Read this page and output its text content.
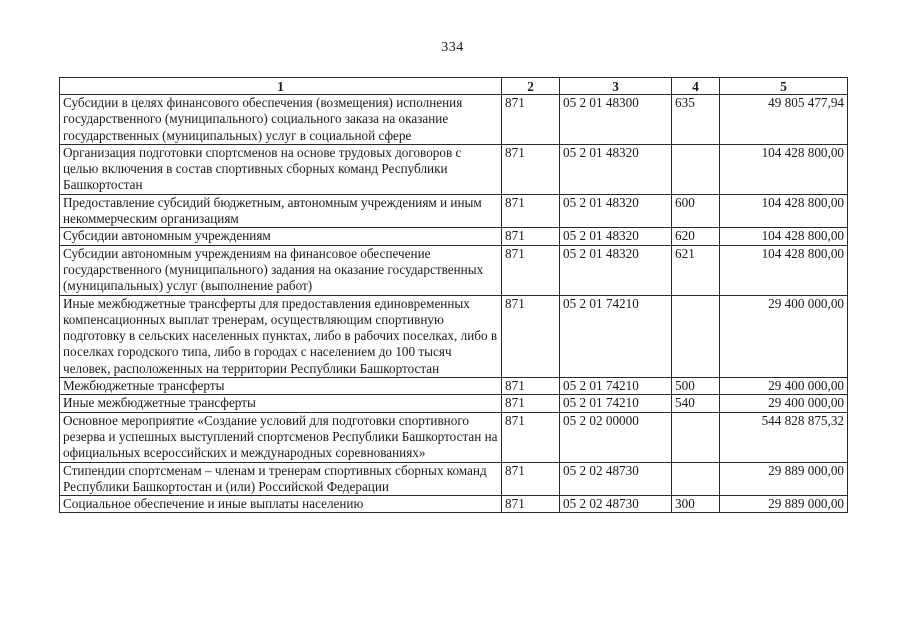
334
1	2	3	4	5
Субсидии в целях финансового обеспечения (возмещения) исполнения государственного (муниципального) социального заказа на оказание государственных (муниципальных) услуг в социальной сфере	871	05 2 01 48300	635	49 805 477,94
Организация подготовки спортсменов на основе трудовых договоров с целью включения в состав спортивных сборных команд Республики Башкортостан	871	05 2 01 48320		104 428 800,00
Предоставление субсидий бюджетным, автономным учреждениям и иным некоммерческим организациям	871	05 2 01 48320	600	104 428 800,00
Субсидии автономным учреждениям	871	05 2 01 48320	620	104 428 800,00
Субсидии автономным учреждениям на финансовое обеспечение государственного (муниципального) задания на оказание государственных (муниципальных) услуг (выполнение работ)	871	05 2 01 48320	621	104 428 800,00
Иные межбюджетные трансферты для предоставления единовременных компенсационных выплат тренерам, осуществляющим спортивную подготовку в сельских населенных пунктах, либо в рабочих поселках, либо в поселках городского типа, либо в городах с населением до 100 тысяч человек, расположенных на территории Республики Башкортостан	871	05 2 01 74210		29 400 000,00
Межбюджетные трансферты	871	05 2 01 74210	500	29 400 000,00
Иные межбюджетные трансферты	871	05 2 01 74210	540	29 400 000,00
Основное мероприятие «Создание условий для подготовки спортивного резерва и успешных выступлений спортсменов Республики Башкортостан на официальных всероссийских и международных соревнованиях»	871	05 2 02 00000		544 828 875,32
Стипендии спортсменам – членам и тренерам спортивных сборных команд Республики Башкортостан и (или) Российской Федерации	871	05 2 02 48730		29 889 000,00
Социальное обеспечение и иные выплаты населению	871	05 2 02 48730	300	29 889 000,00
